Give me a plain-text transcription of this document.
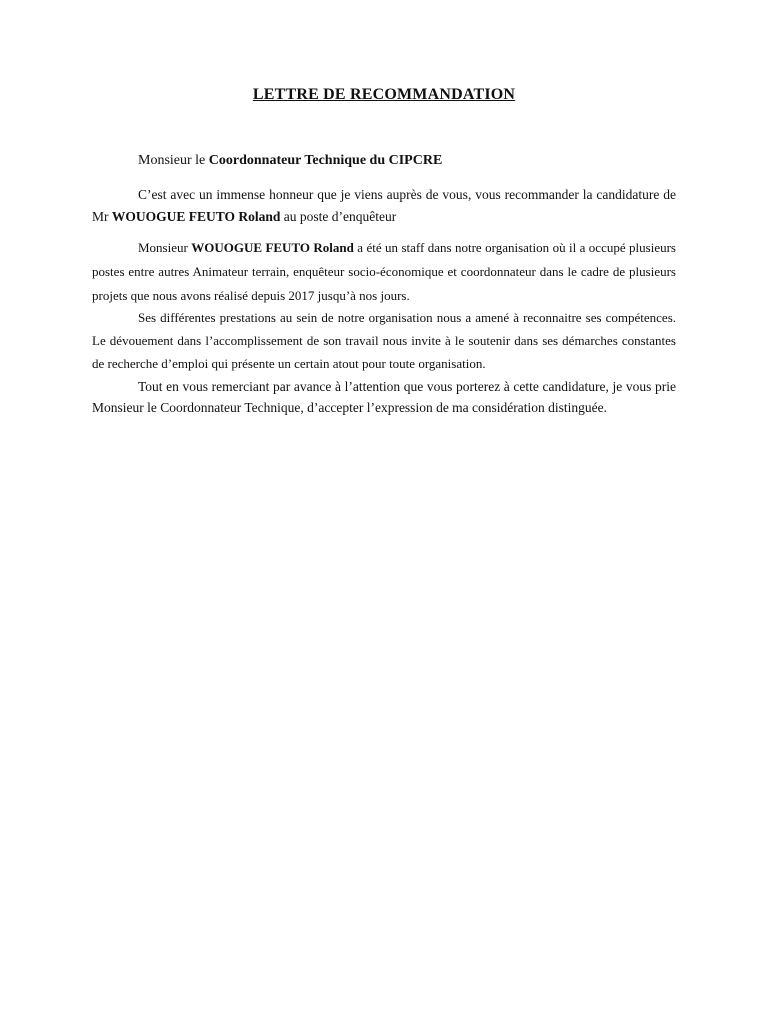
LETTRE DE RECOMMANDATION
Monsieur le Coordonnateur Technique du CIPCRE
C’est avec un immense honneur que je viens auprès de vous, vous recommander la candidature de Mr WOUOGUE FEUTO Roland au poste d’enquêteur
Monsieur WOUOGUE FEUTO Roland a été un staff dans notre organisation où il a occupé plusieurs postes entre autres Animateur terrain, enquêteur socio-économique et coordonnateur dans le cadre de plusieurs projets que nous avons réalisé depuis 2017 jusqu’à nos jours.
Ses différentes prestations au sein de notre organisation nous a amené à reconnaitre ses compétences. Le dévouement dans l’accomplissement de son travail nous invite à le soutenir dans ses démarches constantes de recherche d’emploi qui présente un certain atout pour toute organisation.
Tout en vous remerciant par avance à l’attention que vous porterez à cette candidature, je vous prie Monsieur le Coordonnateur Technique, d’accepter l’expression de ma considération distinguée.
